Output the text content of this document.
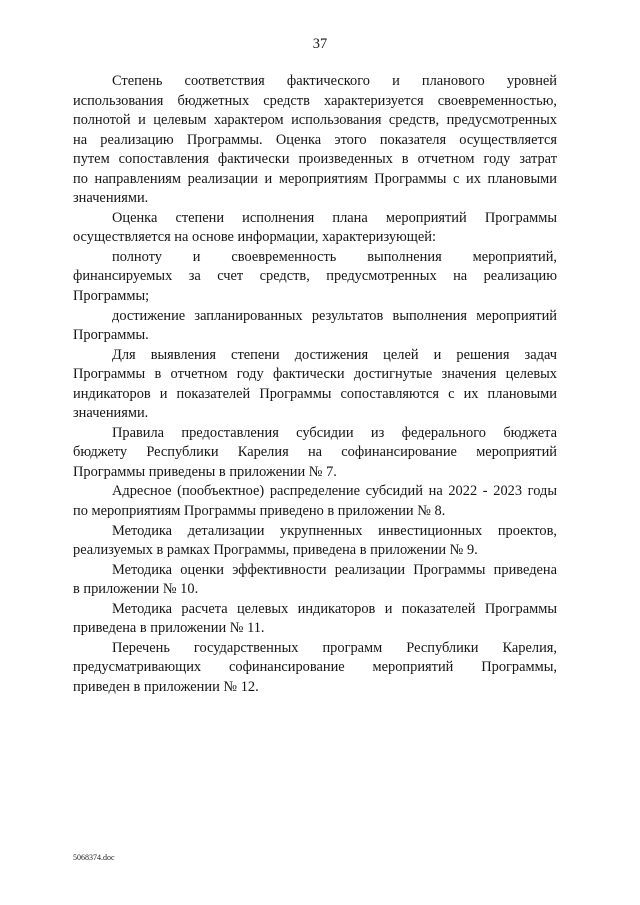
37
Степень соответствия фактического и планового уровней
использования бюджетных средств характеризуется своевременностью,
полнотой и целевым характером использования средств, предусмотренных
на реализацию Программы. Оценка этого показателя осуществляется
путем сопоставления фактически произведенных в отчетном году затрат
по направлениям реализации и мероприятиям Программы с их плановыми
значениями.
Оценка степени исполнения плана мероприятий Программы
осуществляется на основе информации, характеризующей:
полноту и своевременность выполнения мероприятий,
финансируемых за счет средств, предусмотренных на реализацию
Программы;
достижение запланированных результатов выполнения мероприятий
Программы.
Для выявления степени достижения целей и решения задач
Программы в отчетном году фактически достигнутые значения целевых
индикаторов и показателей Программы сопоставляются с их плановыми
значениями.
Правила предоставления субсидии из федерального бюджета
бюджету Республики Карелия на софинансирование мероприятий
Программы приведены в приложении № 7.
Адресное (пообъектное) распределение субсидий на 2022 - 2023 годы
по мероприятиям Программы приведено в приложении № 8.
Методика детализации укрупненных инвестиционных проектов,
реализуемых в рамках Программы, приведена в приложении № 9.
Методика оценки эффективности реализации Программы приведена
в приложении № 10.
Методика расчета целевых индикаторов и показателей Программы
приведена в приложении № 11.
Перечень государственных программ Республики Карелия,
предусматривающих софинансирование мероприятий Программы,
приведен в приложении № 12.
5068374.doc
